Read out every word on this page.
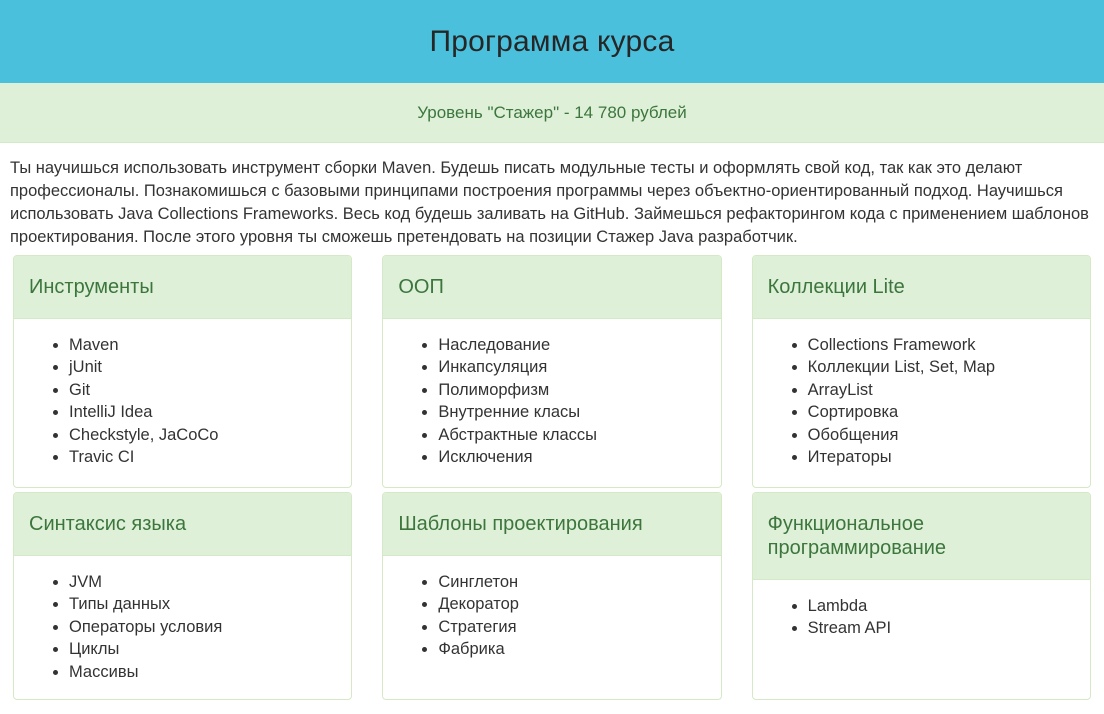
Программа курса
Уровень "Стажер" - 14 780 рублей

Ты научишься использовать инструмент сборки Maven. Будешь писать модульные тесты и оформлять свой код, так как это делают профессионалы. Познакомишься с базовыми принципами построения программы через объектно-ориентированный подход. Научишься использовать Java Collections Frameworks. Весь код будешь заливать на GitHub. Займешься рефакторингом кода с применением шаблонов проектирования. После этого уровня ты сможешь претендовать на позиции Стажер Java разработчик.

Инструменты
• Maven
• jUnit
• Git
• IntelliJ Idea
• Checkstyle, JaCoCo
• Travic CI
ООП
• Наследование
• Инкапсуляция
• Полиморфизм
• Внутренние класы
• Абстрактные классы
• Исключения
Коллекции Lite
• Collections Framework
• Коллекции List, Set, Map
• ArrayList
• Сортировка
• Обобщения
• Итераторы
Синтаксис языка
• JVM
• Типы данных
• Операторы условия
• Циклы
• Массивы
Шаблоны проектирования
• Синглетон
• Декоратор
• Стратегия
• Фабрика
Функциональное программирование
• Lambda
• Stream API
